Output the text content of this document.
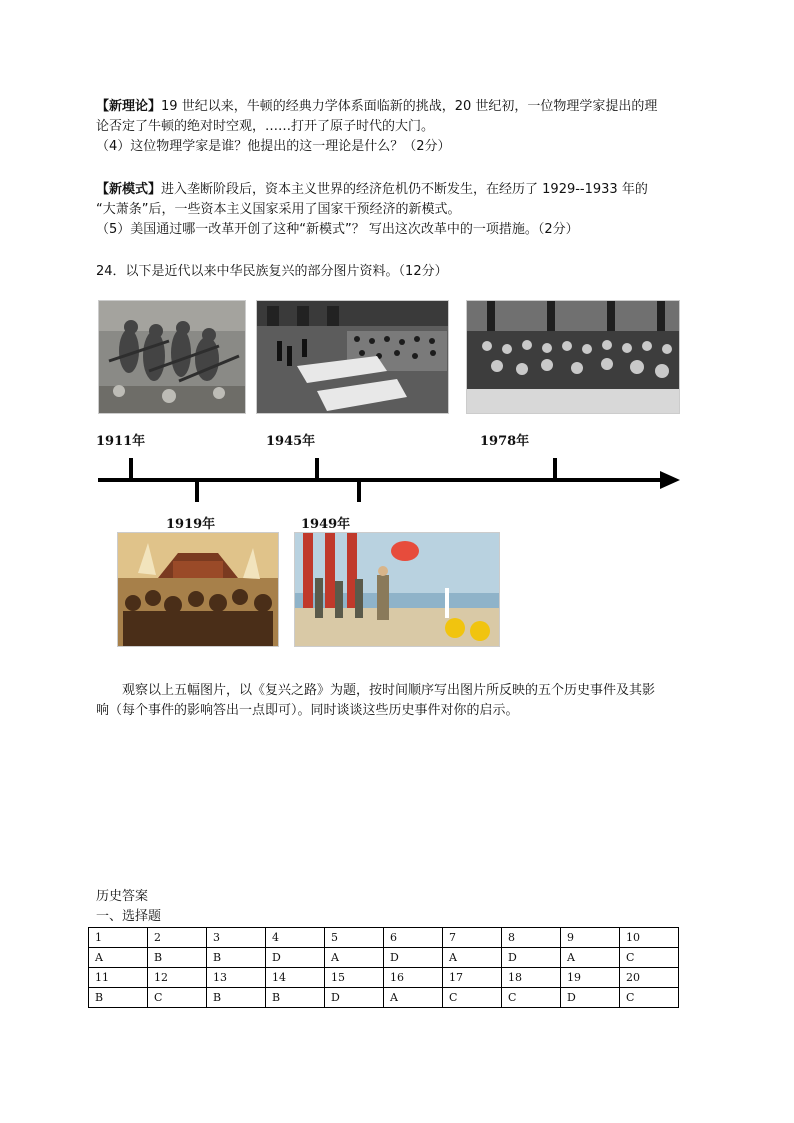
【新理论】19 世纪以来，牛顿的经典力学体系面临新的挑战，20 世纪初，一位物理学家提出的理
论否定了牛顿的绝对时空观，……打开了原子时代的大门。
（4）这位物理学家是谁？他提出的这一理论是什么？（2分）
【新模式】进入垄断阶段后，资本主义世界的经济危机仍不断发生，在经历了 1929--1933 年的
“大萧条”后，一些资本主义国家采用了国家干预经济的新模式。
（5）美国通过哪一改革开创了这种“新模式”？ 写出这次改革中的一项措施。（2分）
24．以下是近代以来中华民族复兴的部分图片资料。（12分）
1911年	1945年	1978年
1919年	1949年
观察以上五幅图片，以《复兴之路》为题，按时间顺序写出图片所反映的五个历史事件及其影
响（每个事件的影响答出一点即可）。同时谈谈这些历史事件对你的启示。
历史答案
一、选择题
1	2	3	4	5	6	7	8	9	10
A	B	B	D	A	D	A	D	A	C
11	12	13	14	15	16	17	18	19	20
B	C	B	B	D	A	C	C	D	C
